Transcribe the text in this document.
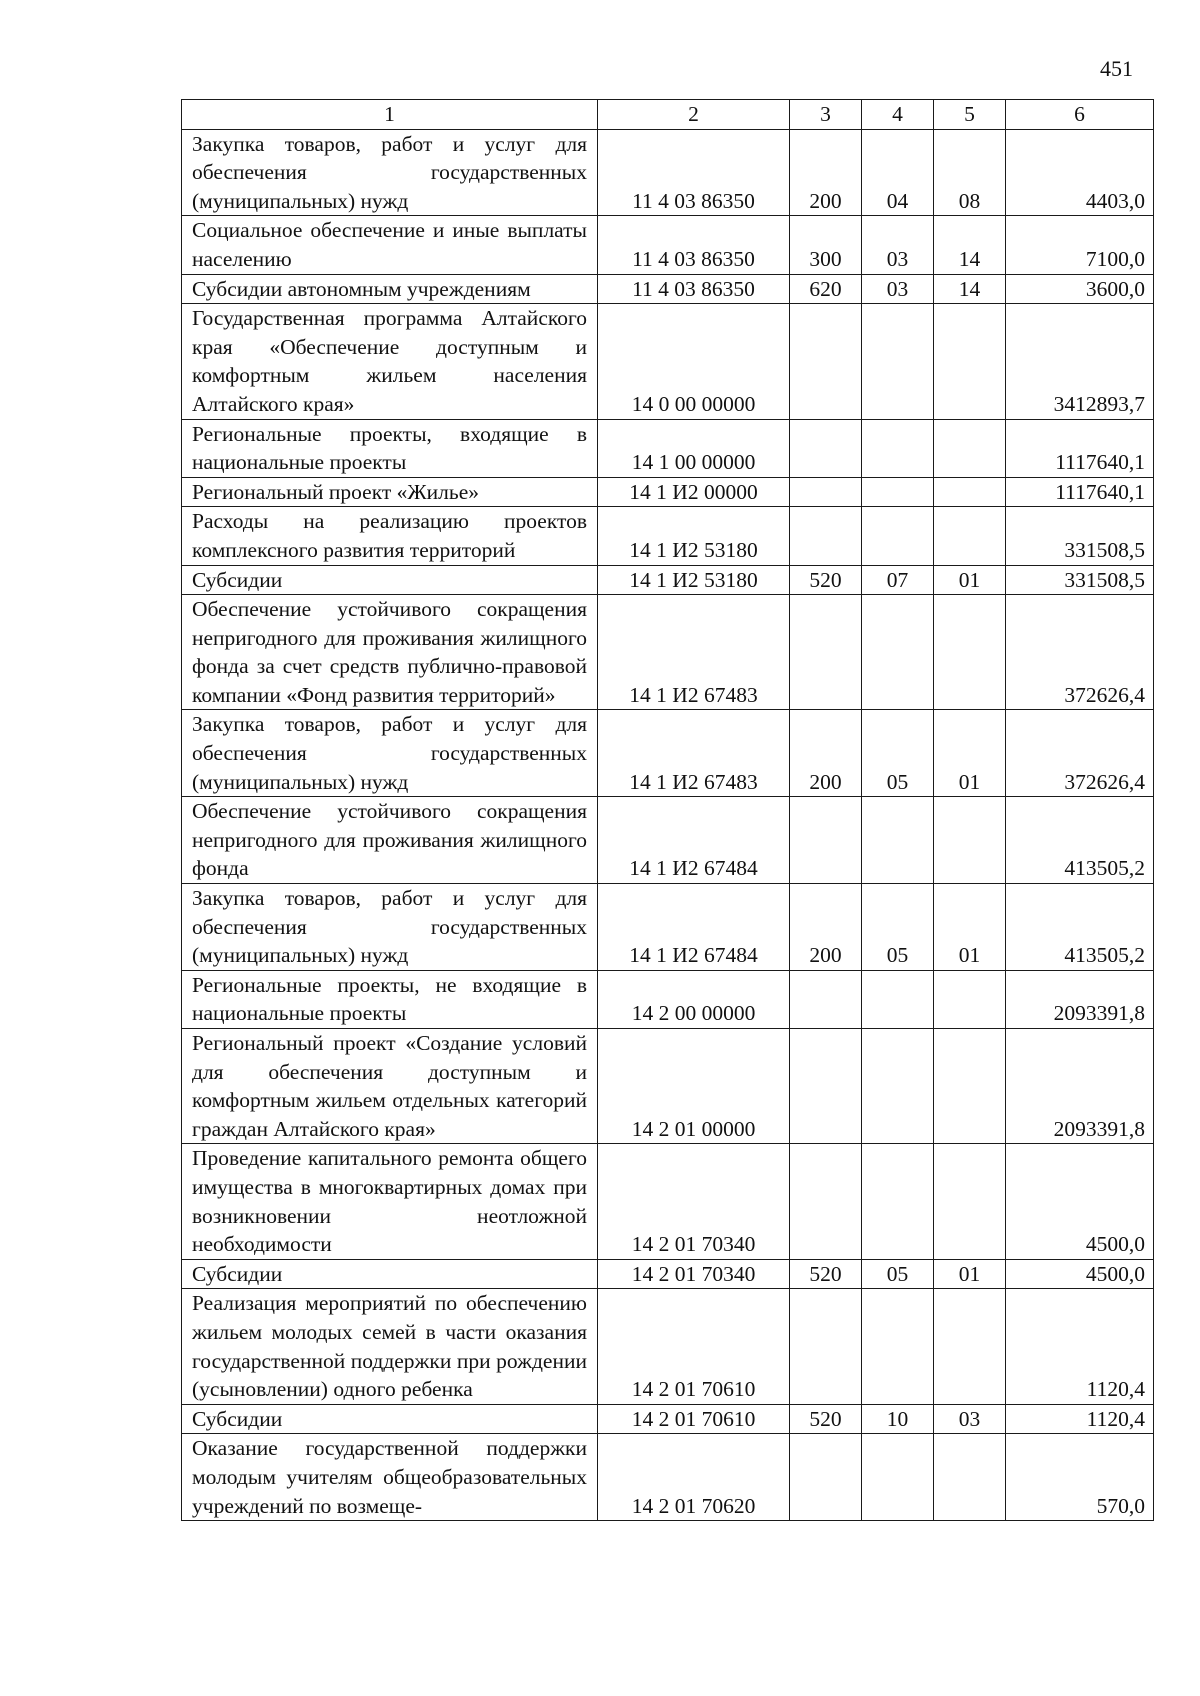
451
1	2	3	4	5	6
Закупка товаров, работ и услуг для обеспечения государственных (муниципальных) нужд	11 4 03 86350	200	04	08	4403,0
Социальное обеспечение и иные выплаты населению	11 4 03 86350	300	03	14	7100,0
Субсидии автономным учреждениям	11 4 03 86350	620	03	14	3600,0
Государственная программа Алтайского края «Обеспечение доступным и комфортным жильем населения Алтайского края»	14 0 00 00000				3412893,7
Региональные проекты, входящие в национальные проекты	14 1 00 00000				1117640,1
Региональный проект «Жилье»	14 1 И2 00000				1117640,1
Расходы на реализацию проектов комплексного развития территорий	14 1 И2 53180				331508,5
Субсидии	14 1 И2 53180	520	07	01	331508,5
Обеспечение устойчивого сокращения непригодного для проживания жилищного фонда за счет средств публично-правовой компании «Фонд развития территорий»	14 1 И2 67483				372626,4
Закупка товаров, работ и услуг для обеспечения государственных (муниципальных) нужд	14 1 И2 67483	200	05	01	372626,4
Обеспечение устойчивого сокращения непригодного для проживания жилищного фонда	14 1 И2 67484				413505,2
Закупка товаров, работ и услуг для обеспечения государственных (муниципальных) нужд	14 1 И2 67484	200	05	01	413505,2
Региональные проекты, не входящие в национальные проекты	14 2 00 00000				2093391,8
Региональный проект «Создание условий для обеспечения доступным и комфортным жильем отдельных категорий граждан Алтайского края»	14 2 01 00000				2093391,8
Проведение капитального ремонта общего имущества в многоквартирных домах при возникновении неотложной необходимости	14 2 01 70340				4500,0
Субсидии	14 2 01 70340	520	05	01	4500,0
Реализация мероприятий по обеспечению жильем молодых семей в части оказания государственной поддержки при рождении (усыновлении) одного ребенка	14 2 01 70610				1120,4
Субсидии	14 2 01 70610	520	10	03	1120,4
Оказание государственной поддержки молодым учителям общеобразовательных учреждений по возмеще-	14 2 01 70620				570,0
